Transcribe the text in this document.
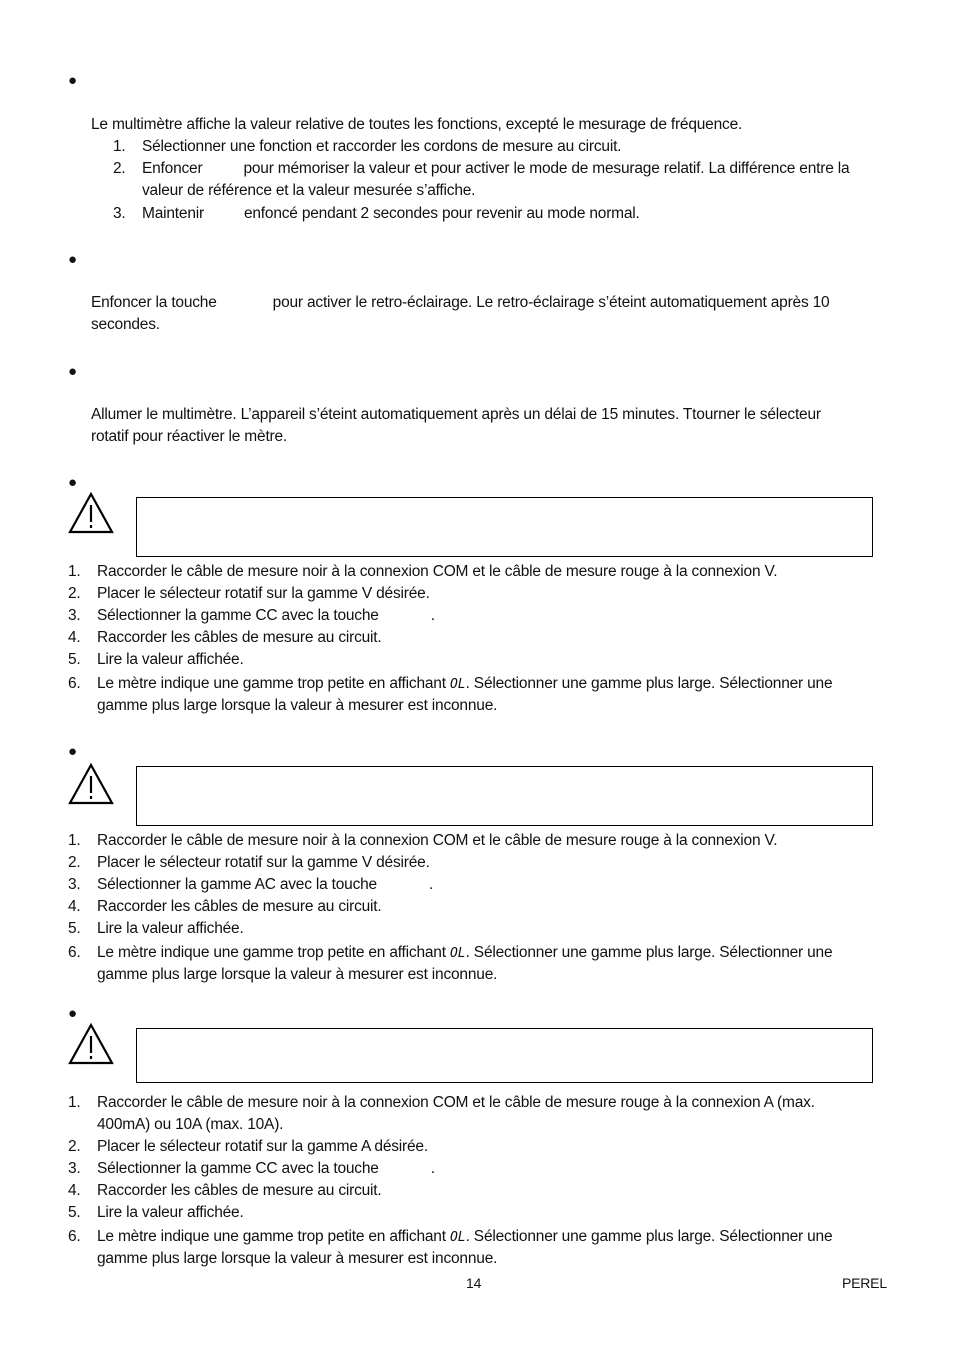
●
Le multimètre affiche la valeur relative de toutes les fonctions, excepté le mesurage de fréquence.
1. Sélectionner une fonction et raccorder les cordons de mesure au circuit.
2. Enfoncer	pour mémoriser la valeur et pour activer le mode de mesurage relatif. La différence entre la
valeur de référence et la valeur mesurée s’affiche.
3. Maintenir	enfoncé pendant 2 secondes pour revenir au mode normal.
●
Enfoncer la touche	pour activer le retro-éclairage. Le retro-éclairage s’éteint automatiquement après 10
secondes.
●
Allumer le multimètre. L’appareil s’éteint automatiquement après un délai de 15 minutes. Ttourner le sélecteur
rotatif pour réactiver le mètre.
●
1. Raccorder le câble de mesure noir à la connexion COM et le câble de mesure rouge à la connexion V.
2. Placer le sélecteur rotatif sur la gamme V désirée.
3. Sélectionner la gamme CC avec la touche	.
4. Raccorder les câbles de mesure au circuit.
5. Lire la valeur affichée.
6. Le mètre indique une gamme trop petite en affichant OL. Sélectionner une gamme plus large. Sélectionner une
gamme plus large lorsque la valeur à mesurer est inconnue.
●
1. Raccorder le câble de mesure noir à la connexion COM et le câble de mesure rouge à la connexion V.
2. Placer le sélecteur rotatif sur la gamme V désirée.
3. Sélectionner la gamme AC avec la touche	.
4. Raccorder les câbles de mesure au circuit.
5. Lire la valeur affichée.
6. Le mètre indique une gamme trop petite en affichant OL. Sélectionner une gamme plus large. Sélectionner une
gamme plus large lorsque la valeur à mesurer est inconnue.
●
1. Raccorder le câble de mesure noir à la connexion COM et le câble de mesure rouge à la connexion A (max.
400mA) ou 10A (max. 10A).
2. Placer le sélecteur rotatif sur la gamme A désirée.
3. Sélectionner la gamme CC avec la touche	.
4. Raccorder les câbles de mesure au circuit.
5. Lire la valeur affichée.
6. Le mètre indique une gamme trop petite en affichant OL. Sélectionner une gamme plus large. Sélectionner une
gamme plus large lorsque la valeur à mesurer est inconnue.
14	PEREL
